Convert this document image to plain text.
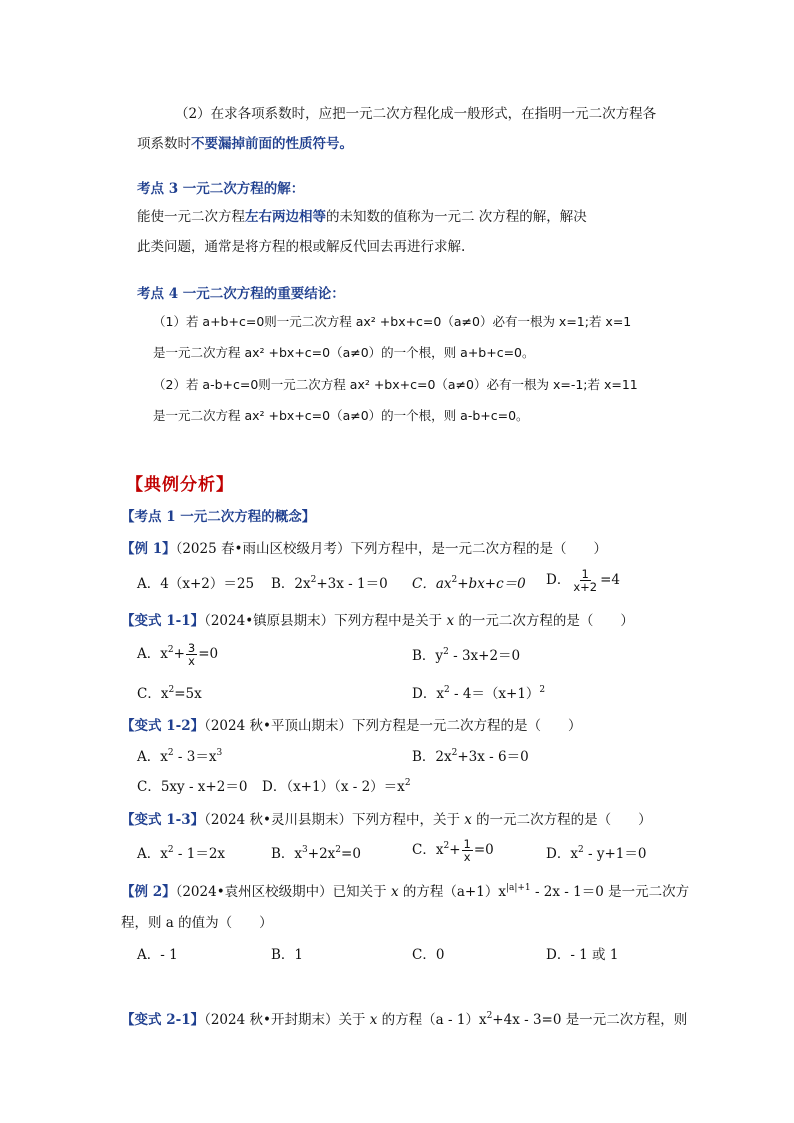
（2）在求各项系数时，应把一元二次方程化成一般形式，在指明一元二次方程各
项系数时不要漏掉前面的性质符号。
考点 3 一元二次方程的解：
能使一元二次方程左右两边相等的未知数的值称为一元二 次方程的解，解决
此类问题，通常是将方程的根或解反代回去再进行求解.
考点 4 一元二次方程的重要结论：
（1）若 a+b+c=0则一元二次方程 ax² +bx+c=0（a≠0）必有一根为 x=1;若 x=1
是一元二次方程 ax² +bx+c=0（a≠0）的一个根，则 a+b+c=0。
（2）若 a-b+c=0则一元二次方程 ax² +bx+c=0（a≠0）必有一根为 x=-1;若 x=11
是一元二次方程 ax² +bx+c=0（a≠0）的一个根，则 a-b+c=0。
【典例分析】
【考点 1 一元二次方程的概念】
【例 1】（2025 春•雨山区校级月考）下列方程中，是一元二次方程的是（　　）
A．4（x+2）＝25 B．$2x^2+3x - 1=0$ C．$ax^2+bx+c=0$ D． $\frac{1}{x+2} =4$
【变式 1-1】（2024•镇原县期末）下列方程中是关于 x 的一元二次方程的是（　　）
A．$x^2+ \frac{3}{x} =0$	B．$y^2 - 3x+2=0$
C．$x^2=5x$	D．$x^2 - 4=(x+1)^2$
【变式 1-2】（2024 秋•平顶山期末）下列方程是一元二次方程的是（　　）
A．$x^2 - 3=x^3$	B．$2x^2+3x - 6=0$
C．5xy - x+2＝0 D．$(x+1)(x - 2)=x^2$
【变式 1-3】（2024 秋•灵川县期末）下列方程中，关于 x 的一元二次方程的是（　　）
A．$x^2 - 1=2x$	B．$x^3+2x^2=0$	C．$x^2+ \frac{1}{x} =0$	D．$x^2 - y+1=0$
【例 2】（2024•袁州区校级期中）已知关于 x 的方程$(a+1)x^{|a|+1} - 2x - 1=0$ 是一元二次方
程，则 a 的值为（　　）
A．- 1	B．1	C．0	D．- 1 或 1
【变式 2-1】（2024 秋•开封期末）关于 x 的方程$(a - 1)x^2+4x - 3=0$ 是一元二次方程，则
